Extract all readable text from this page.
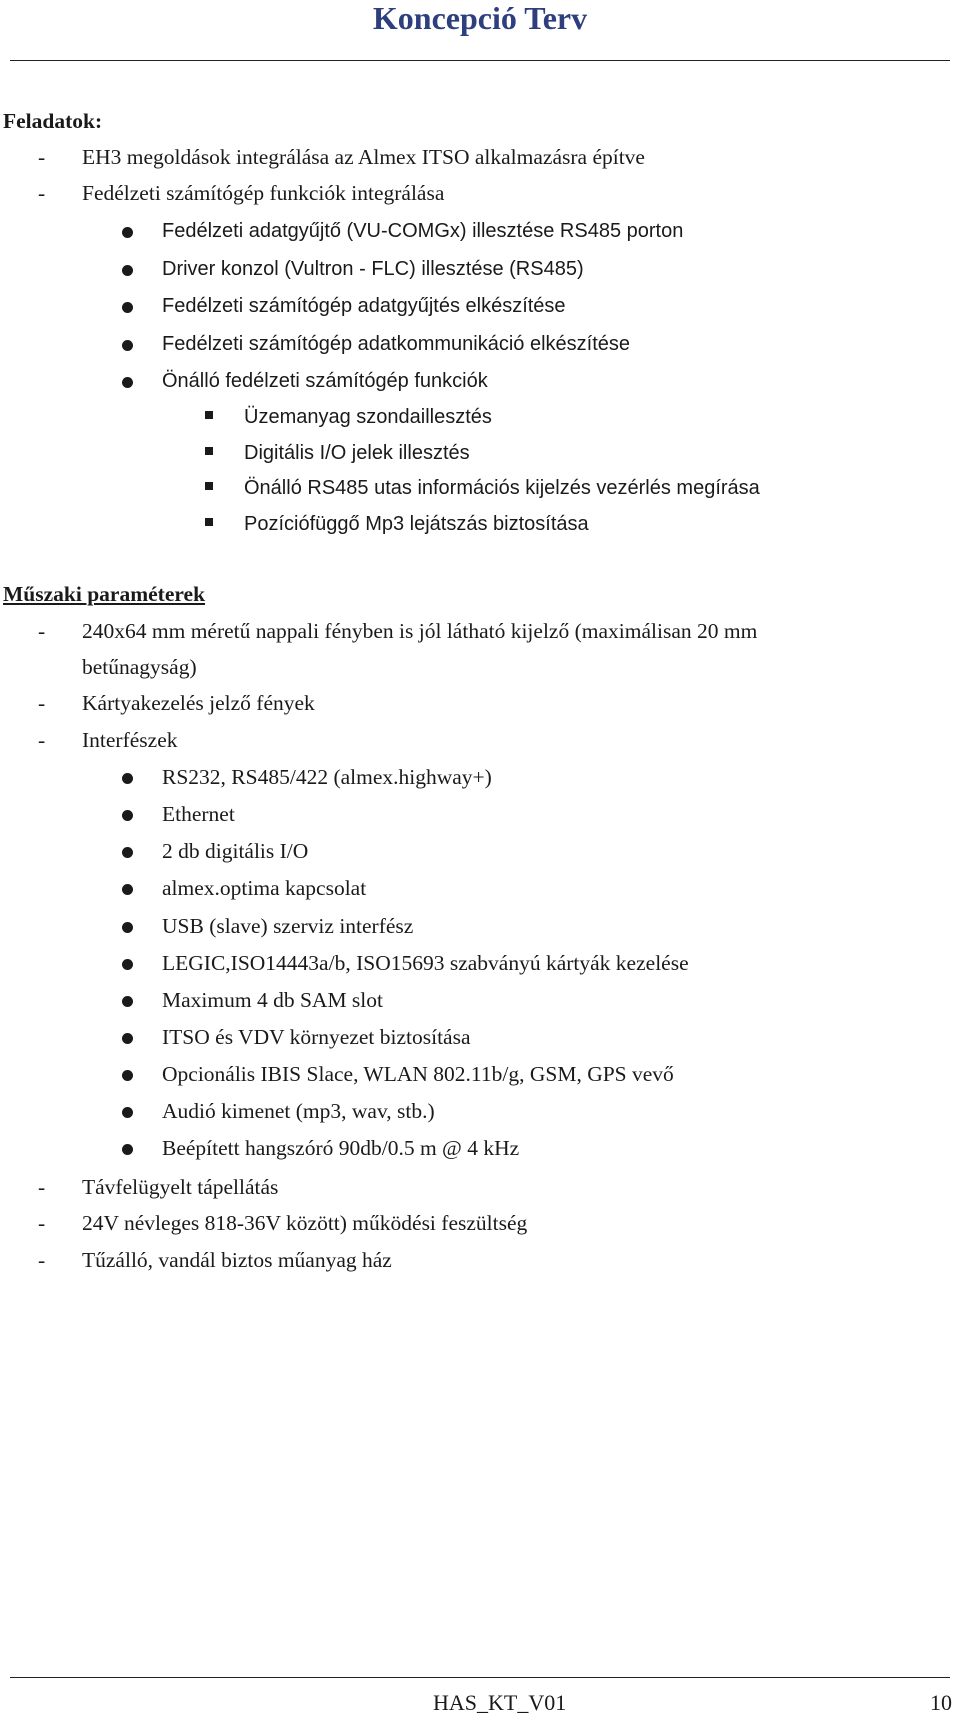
Koncepció Terv
Feladatok:
- EH3 megoldások integrálása az Almex ITSO alkalmazásra építve
- Fedélzeti számítógép funkciók integrálása
Fedélzeti adatgyűjtő (VU-COMGx) illesztése RS485 porton
Driver konzol (Vultron - FLC) illesztése (RS485)
Fedélzeti számítógép adatgyűjtés elkészítése
Fedélzeti számítógép adatkommunikáció elkészítése
Önálló fedélzeti számítógép funkciók
Üzemanyag szondaillesztés
Digitális I/O jelek illesztés
Önálló RS485 utas információs kijelzés vezérlés megírása
Pozíciófüggő Mp3 lejátszás biztosítása
Műszaki paraméterek
- 240x64 mm méretű nappali fényben is jól látható kijelző (maximálisan 20 mm
betűnagyság)
- Kártyakezelés jelző fények
- Interfészek
RS232, RS485/422 (almex.highway+)
Ethernet
2 db digitális I/O
almex.optima kapcsolat
USB (slave) szerviz interfész
LEGIC,ISO14443a/b, ISO15693 szabványú kártyák kezelése
Maximum 4 db SAM slot
ITSO és VDV környezet biztosítása
Opcionális IBIS Slace, WLAN 802.11b/g, GSM, GPS vevő
Audió kimenet (mp3, wav, stb.)
Beépített hangszóró 90db/0.5 m @ 4 kHz
- Távfelügyelt tápellátás
- 24V névleges 818-36V között) működési feszültség
- Tűzálló, vandál biztos műanyag ház
HAS_KT_V01	10
